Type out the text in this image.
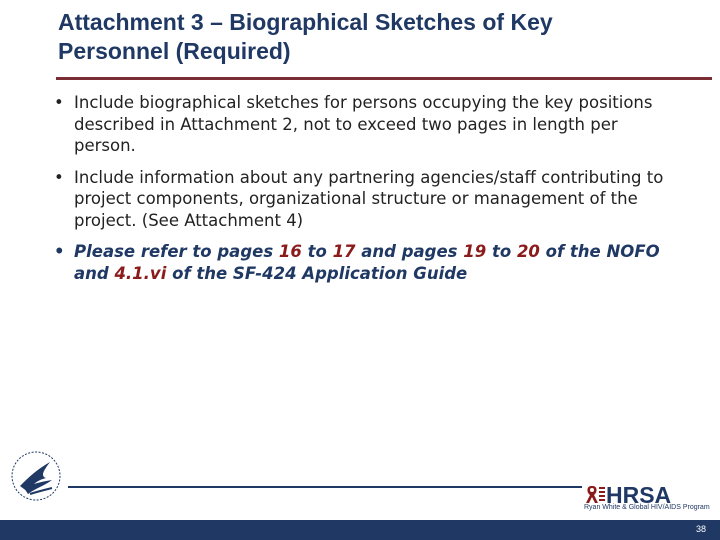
Attachment 3 – Biographical Sketches of Key
Personnel (Required)
• Include biographical sketches for persons occupying the key positions described in Attachment 2, not to exceed two pages in length per person.
• Include information about any partnering agencies/staff contributing to project components, organizational structure or management of the project. (See Attachment 4)
• Please refer to pages 16 to 17 and pages 19 to 20 of the NOFO and 4.1.vi of the SF-424 Application Guide
HRSA
Ryan White & Global HIV/AIDS Program
38
